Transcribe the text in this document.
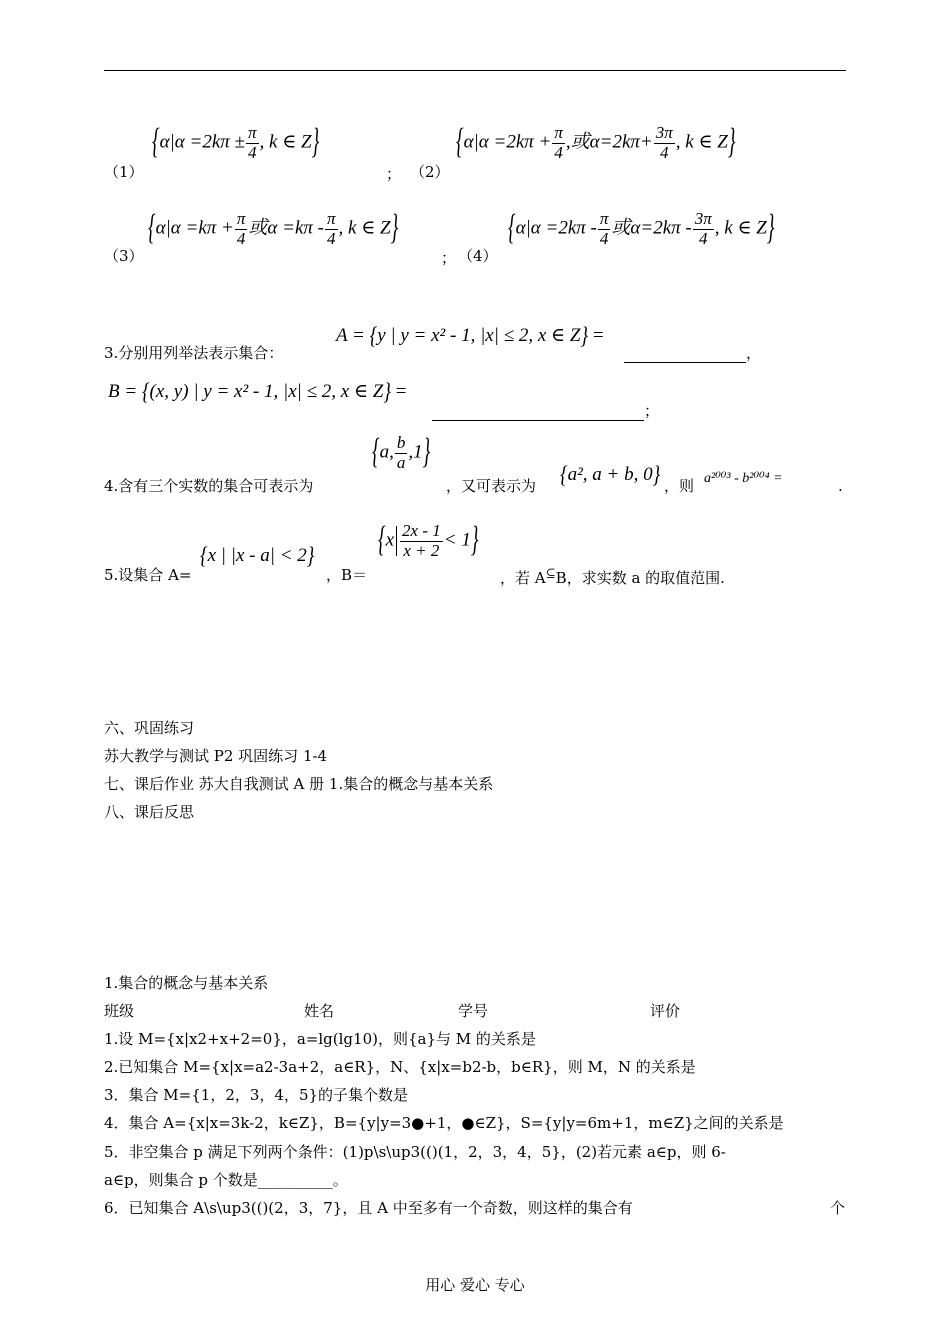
（1）
{$\alpha|\alpha =2k\pi \pm \frac{\pi}{4}$ , k ∈ Z}
； （2）
{$\alpha|\alpha =2k\pi + \frac{\pi}{4}$ ,或$\alpha=2k\pi+ \frac{3\pi}{4}$ , k ∈ Z}
（3）
{$\alpha|\alpha =k\pi + \frac{\pi}{4}$ 或$\alpha =k\pi - \frac{\pi}{4}$ , k ∈ Z}
； （4）
{$\alpha|\alpha =2k\pi - \frac{\pi}{4}$ 或$\alpha=2k\pi - \frac{3\pi}{4}$ , k ∈ Z}
3.分别用列举法表示集合：
A = {y | y = x² - 1, |x| ≤ 2, x ∈ Z} =
，
B = {(x, y) | y = x² - 1, |x| ≤ 2, x ∈ Z} =
；
4.含有三个实数的集合可表示为
{a, $\frac{b}{a} ,1$}
，又可表示为 {a², a + b, 0} ，则 a²⁰⁰³ - b²⁰⁰⁴ =	.
5.设集合 A=
{x | |x - a| < 2}
，B＝
$\{x \frac{2x - 1}{x + 2} < 1\}$
，若 A⊆B，求实数 a 的取值范围.
六、巩固练习
苏大教学与测试 P2 巩固练习 1-4
七、课后作业 苏大自我测试 A 册 1.集合的概念与基本关系
八、课后反思
1.集合的概念与基本关系
班级	姓名	学号	评价
1.设 M={x|x2+x+2=0}，a=lg(lg10)，则{a}与 M 的关系是
2.已知集合 M={x|x=a2-3a+2，a∈R}，N、{x|x=b2-b，b∈R}，则 M，N 的关系是
3．集合 M={1，2，3，4，5}的子集个数是
4．集合 A={x|x=3k-2，k∈Z}，B={y|y=3●+1，●∈Z}，S={y|y=6m+1，m∈Z}之间的关系是
5．非空集合 p 满足下列两个条件：(1)p\s\up3(()(1，2，3，4，5}，(2)若元素 a∈p，则 6-
a∈p，则集合 p 个数是__________。
6．已知集合 A\s\up3(()(2，3，7}，且 A 中至多有一个奇数，则这样的集合有	个
用心 爱心 专心
